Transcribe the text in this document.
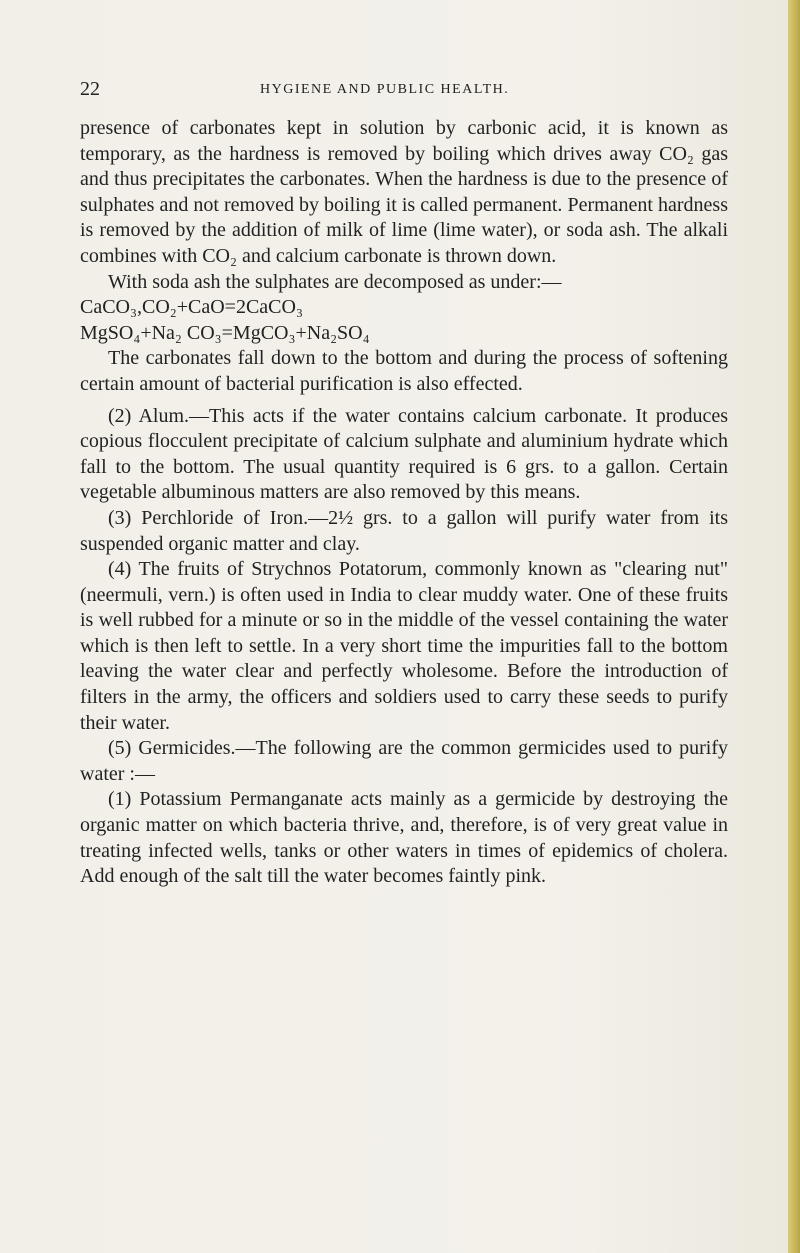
22	HYGIENE AND PUBLIC HEALTH.

presence of carbonates kept in solution by carbonic acid, it is known as temporary, as the hardness is removed by boiling which drives away CO₂ gas and thus precipitates the carbonates. When the hardness is due to the presence of sulphates and not removed by boiling it is called permanent. Permanent hardness is removed by the addition of milk of lime (lime water), or soda ash. The alkali combines with CO₂ and calcium carbonate is thrown down.

With soda ash the sulphates are decomposed as under:—

CaCO₃,CO₂+CaO=2CaCO₃

MgSO₄+Na₂ CO₃=MgCO₃+Na₂SO₄

The carbonates fall down to the bottom and during the process of softening certain amount of bacterial purification is also effected.

(2) Alum.—This acts if the water contains calcium carbonate. It produces copious flocculent precipitate of calcium sulphate and aluminium hydrate which fall to the bottom. The usual quantity required is 6 grs. to a gallon. Certain vegetable albuminous matters are also removed by this means.

(3) Perchloride of Iron.—2½ grs. to a gallon will purify water from its suspended organic matter and clay.

(4) The fruits of Strychnos Potatorum, commonly known as "clearing nut" (neermuli, vern.) is often used in India to clear muddy water. One of these fruits is well rubbed for a minute or so in the middle of the vessel containing the water which is then left to settle. In a very short time the impurities fall to the bottom leaving the water clear and perfectly wholesome. Before the introduction of filters in the army, the officers and soldiers used to carry these seeds to purify their water.

(5) Germicides.—The following are the common germicides used to purify water :—

(1) Potassium Permanganate acts mainly as a germicide by destroying the organic matter on which bacteria thrive, and, therefore, is of very great value in treating infected wells, tanks or other waters in times of epidemics of cholera. Add enough of the salt till the water becomes faintly pink.
